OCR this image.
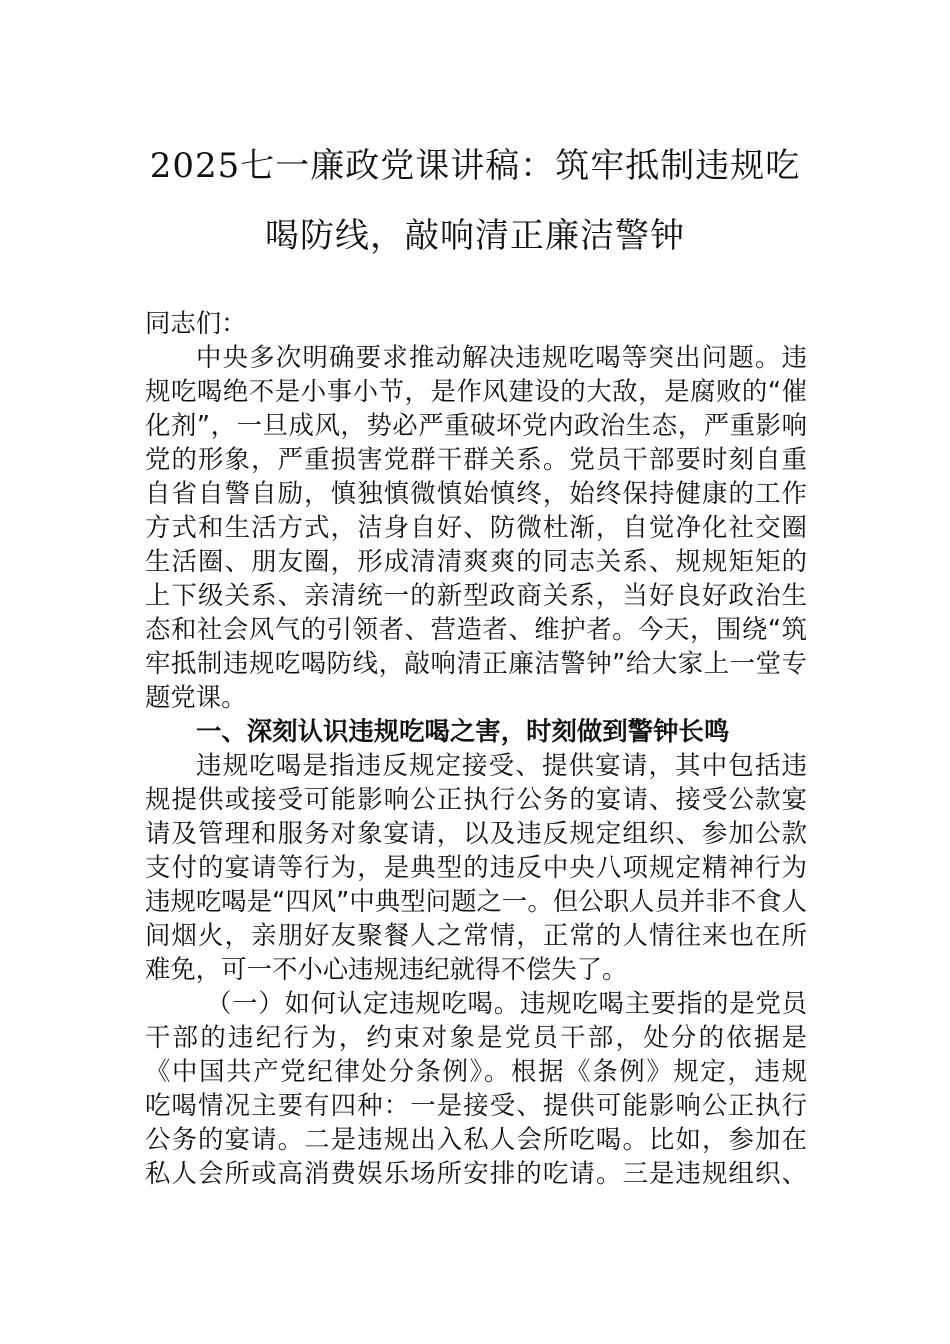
2025七一廉政党课讲稿：筑牢抵制违规吃
喝防线，敲响清正廉洁警钟
同志们：
中央多次明确要求推动解决违规吃喝等突出问题。违
规吃喝绝不是小事小节，是作风建设的大敌，是腐败的“催
化剂”，一旦成风，势必严重破坏党内政治生态，严重影响
党的形象，严重损害党群干群关系。党员干部要时刻自重
自省自警自励，慎独慎微慎始慎终，始终保持健康的工作
方式和生活方式，洁身自好、防微杜渐，自觉净化社交圈
生活圈、朋友圈，形成清清爽爽的同志关系、规规矩矩的
上下级关系、亲清统一的新型政商关系，当好良好政治生
态和社会风气的引领者、营造者、维护者。今天，围绕“筑
牢抵制违规吃喝防线，敲响清正廉洁警钟”给大家上一堂专
题党课。
一、深刻认识违规吃喝之害，时刻做到警钟长鸣
违规吃喝是指违反规定接受、提供宴请，其中包括违
规提供或接受可能影响公正执行公务的宴请、接受公款宴
请及管理和服务对象宴请，以及违反规定组织、参加公款
支付的宴请等行为，是典型的违反中央八项规定精神行为
违规吃喝是“四风”中典型问题之一。但公职人员并非不食人
间烟火，亲朋好友聚餐人之常情，正常的人情往来也在所
难免，可一不小心违规违纪就得不偿失了。
（一）如何认定违规吃喝。违规吃喝主要指的是党员
干部的违纪行为，约束对象是党员干部，处分的依据是
《中国共产党纪律处分条例》。根据《条例》规定，违规
吃喝情况主要有四种：一是接受、提供可能影响公正执行
公务的宴请。二是违规出入私人会所吃喝。比如，参加在
私人会所或高消费娱乐场所安排的吃请。三是违规组织、
